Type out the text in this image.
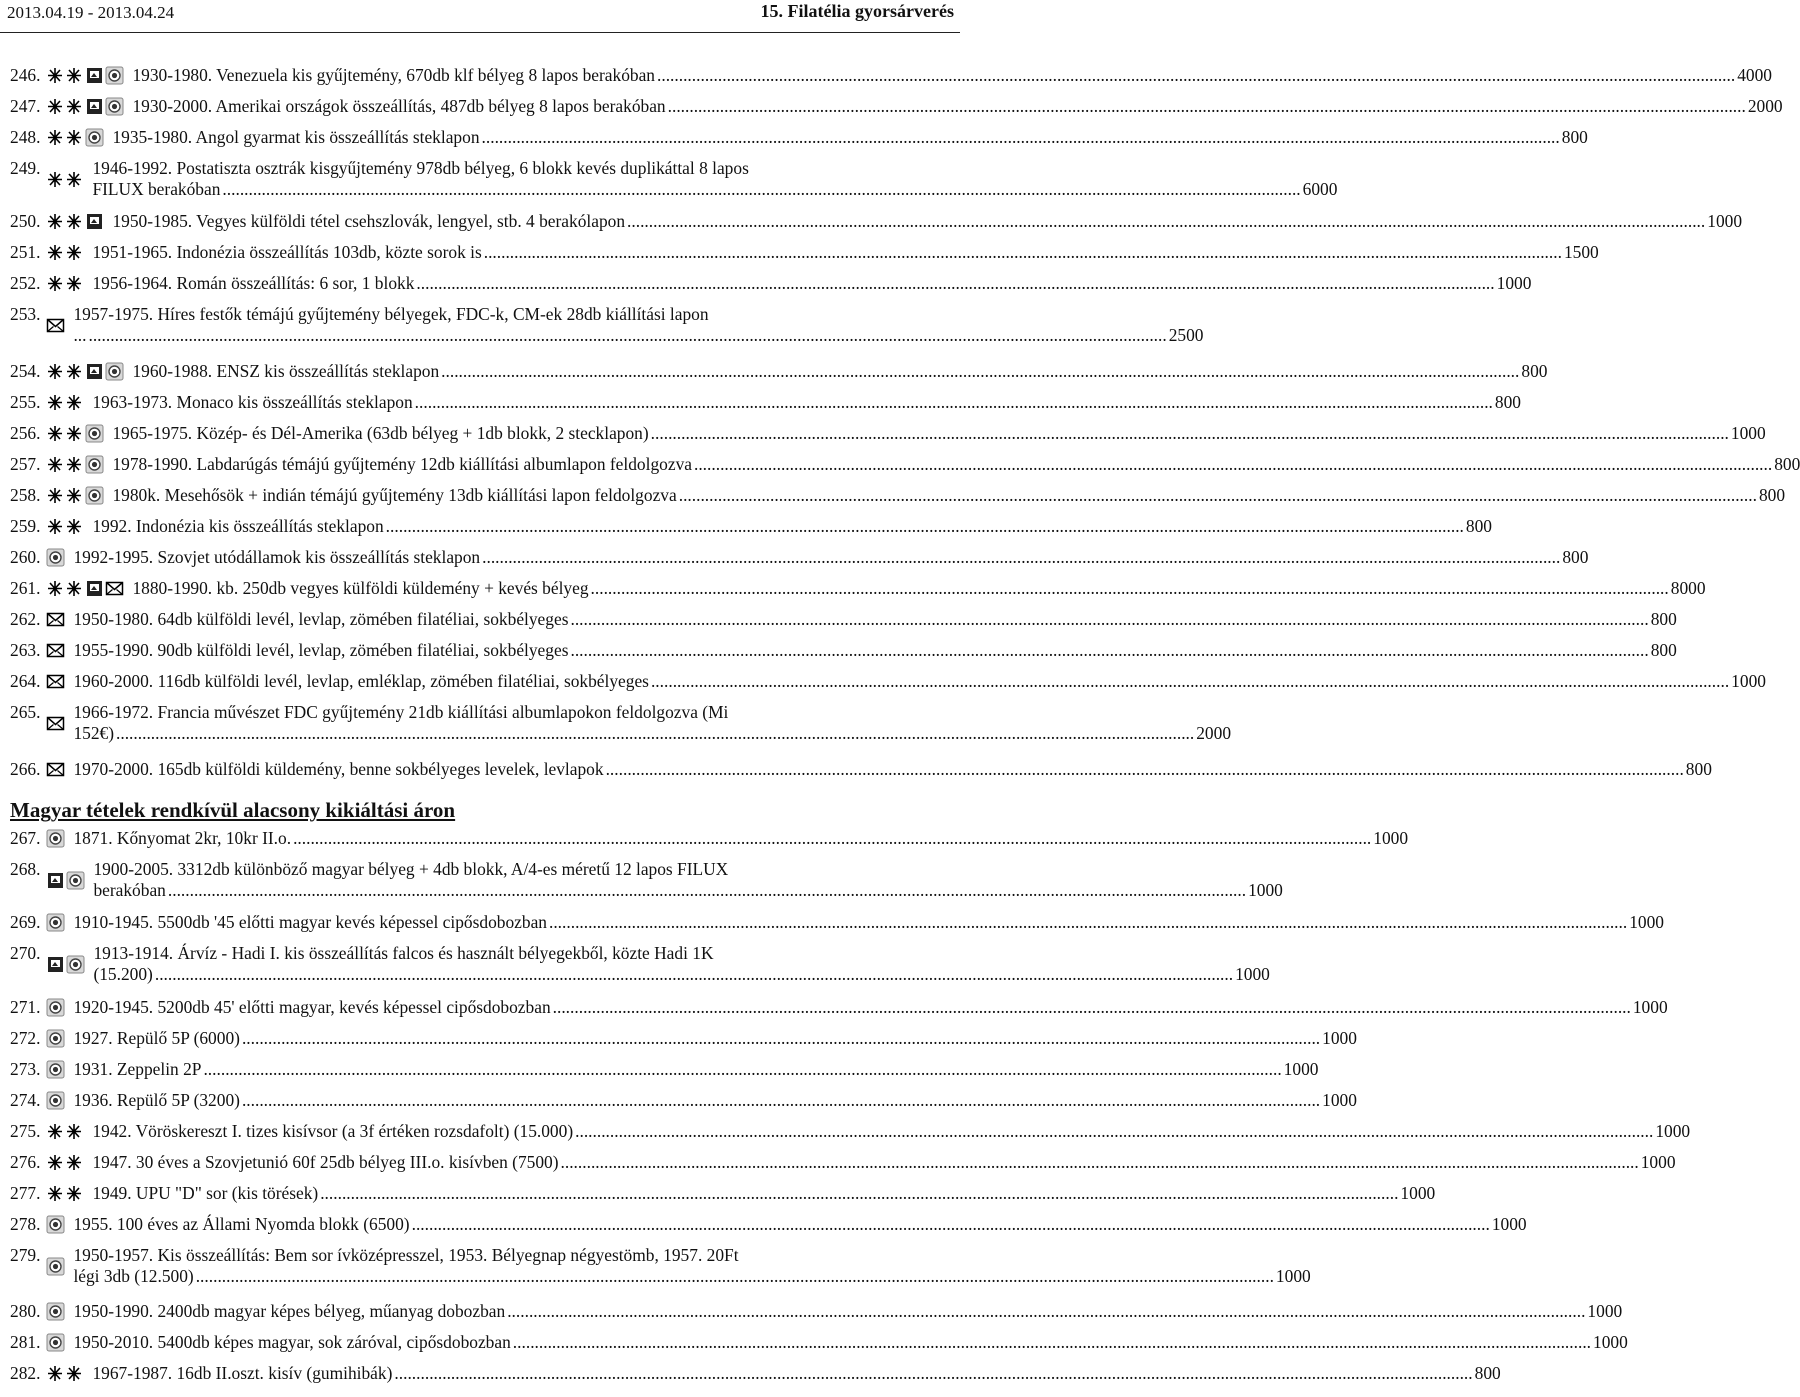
2013.04.19 - 2013.04.24	15. Filatélia gyorsárverés
Magyar tételek rendkívül alacsony kikiáltási áron
246.	1930-1980. Venezuela kis gyűjtemény, 670db klf bélyeg 8 lapos berakóban .....	4000
247.	1930-2000. Amerikai országok összeállítás, 487db bélyeg 8 lapos berakóban .....	2000
248.	1935-1980. Angol gyarmat kis összeállítás steklapon .....	800
249.	1946-1992. Postatiszta osztrák kisgyűjtemény 978db bélyeg, 6 blokk kevés duplikáttal 8 lapos
FILUX berakóban .....	6000
250.	1950-1985. Vegyes külföldi tétel csehszlovák, lengyel, stb. 4 berakólapon .....	1000
251.	1951-1965. Indonézia összeállítás 103db, közte sorok is .....	1500
252.	1956-1964. Román összeállítás: 6 sor, 1 blokk .....	1000
253. 1957-1975. Híres festők témájú gyűjtemény bélyegek, FDC-k, CM-ek 28db kiállítási lapon
... .....	2500
254.	1960-1988. ENSZ kis összeállítás steklapon .....	800
255.	1963-1973. Monaco kis összeállítás steklapon .....	800
256.	1965-1975. Közép- és Dél-Amerika (63db bélyeg + 1db blokk, 2 stecklapon) .....	1000
257.	1978-1990. Labdarúgás témájú gyűjtemény 12db kiállítási albumlapon feldolgozva .....	800
258.	1980k. Mesehősök + indián témájú gyűjtemény 13db kiállítási lapon feldolgozva .....	800
259.	1992. Indonézia kis összeállítás steklapon .....	800
260. 1992-1995. Szovjet utódállamok kis összeállítás steklapon .....	800
261.	1880-1990. kb. 250db vegyes külföldi küldemény + kevés bélyeg .....	8000
262. 1950-1980. 64db külföldi levél, levlap, zömében filatéliai, sokbélyeges .....	800
263. 1955-1990. 90db külföldi levél, levlap, zömében filatéliai, sokbélyeges .....	800
264. 1960-2000. 116db külföldi levél, levlap, emléklap, zömében filatéliai, sokbélyeges .....	1000
265. 1966-1972. Francia művészet FDC gyűjtemény 21db kiállítási albumlapokon feldolgozva (Mi
152€) .....	2000
266. 1970-2000. 165db külföldi küldemény, benne sokbélyeges levelek, levlapok .....	800
267. 1871. Kőnyomat 2kr, 10kr II.o. .....	1000
268.	1900-2005. 3312db különböző magyar bélyeg + 4db blokk, A/4-es méretű 12 lapos FILUX
berakóban .....	1000
269. 1910-1945. 5500db '45 előtti magyar kevés képessel cipősdobozban .....	1000
270.	1913-1914. Árvíz - Hadi I. kis összeállítás falcos és használt bélyegekből, közte Hadi 1K
(15.200) .....	1000
271. 1920-1945. 5200db 45' előtti magyar, kevés képessel cipősdobozban .....	1000
272. 1927. Repülő 5P (6000) .....	1000
273. 1931. Zeppelin 2P .....	1000
274. 1936. Repülő 5P (3200) .....	1000
275.	1942. Vöröskereszt I. tizes kisívsor (a 3f értéken rozsdafolt) (15.000) .....	1000
276.	1947. 30 éves a Szovjetunió 60f 25db bélyeg III.o. kisívben (7500) .....	1000
277.	1949. UPU "D" sor (kis törések) .....	1000
278. 1955. 100 éves az Állami Nyomda blokk (6500) .....	1000
279. 1950-1957. Kis összeállítás: Bem sor ívközépresszel, 1953. Bélyegnap négyestömb, 1957. 20Ft
légi 3db (12.500) .....	1000
280. 1950-1990. 2400db magyar képes bélyeg, műanyag dobozban .....	1000
281. 1950-2010. 5400db képes magyar, sok záróval, cipősdobozban .....	1000
282.	1967-1987. 16db II.oszt. kisív (gumihibák) .....	800
